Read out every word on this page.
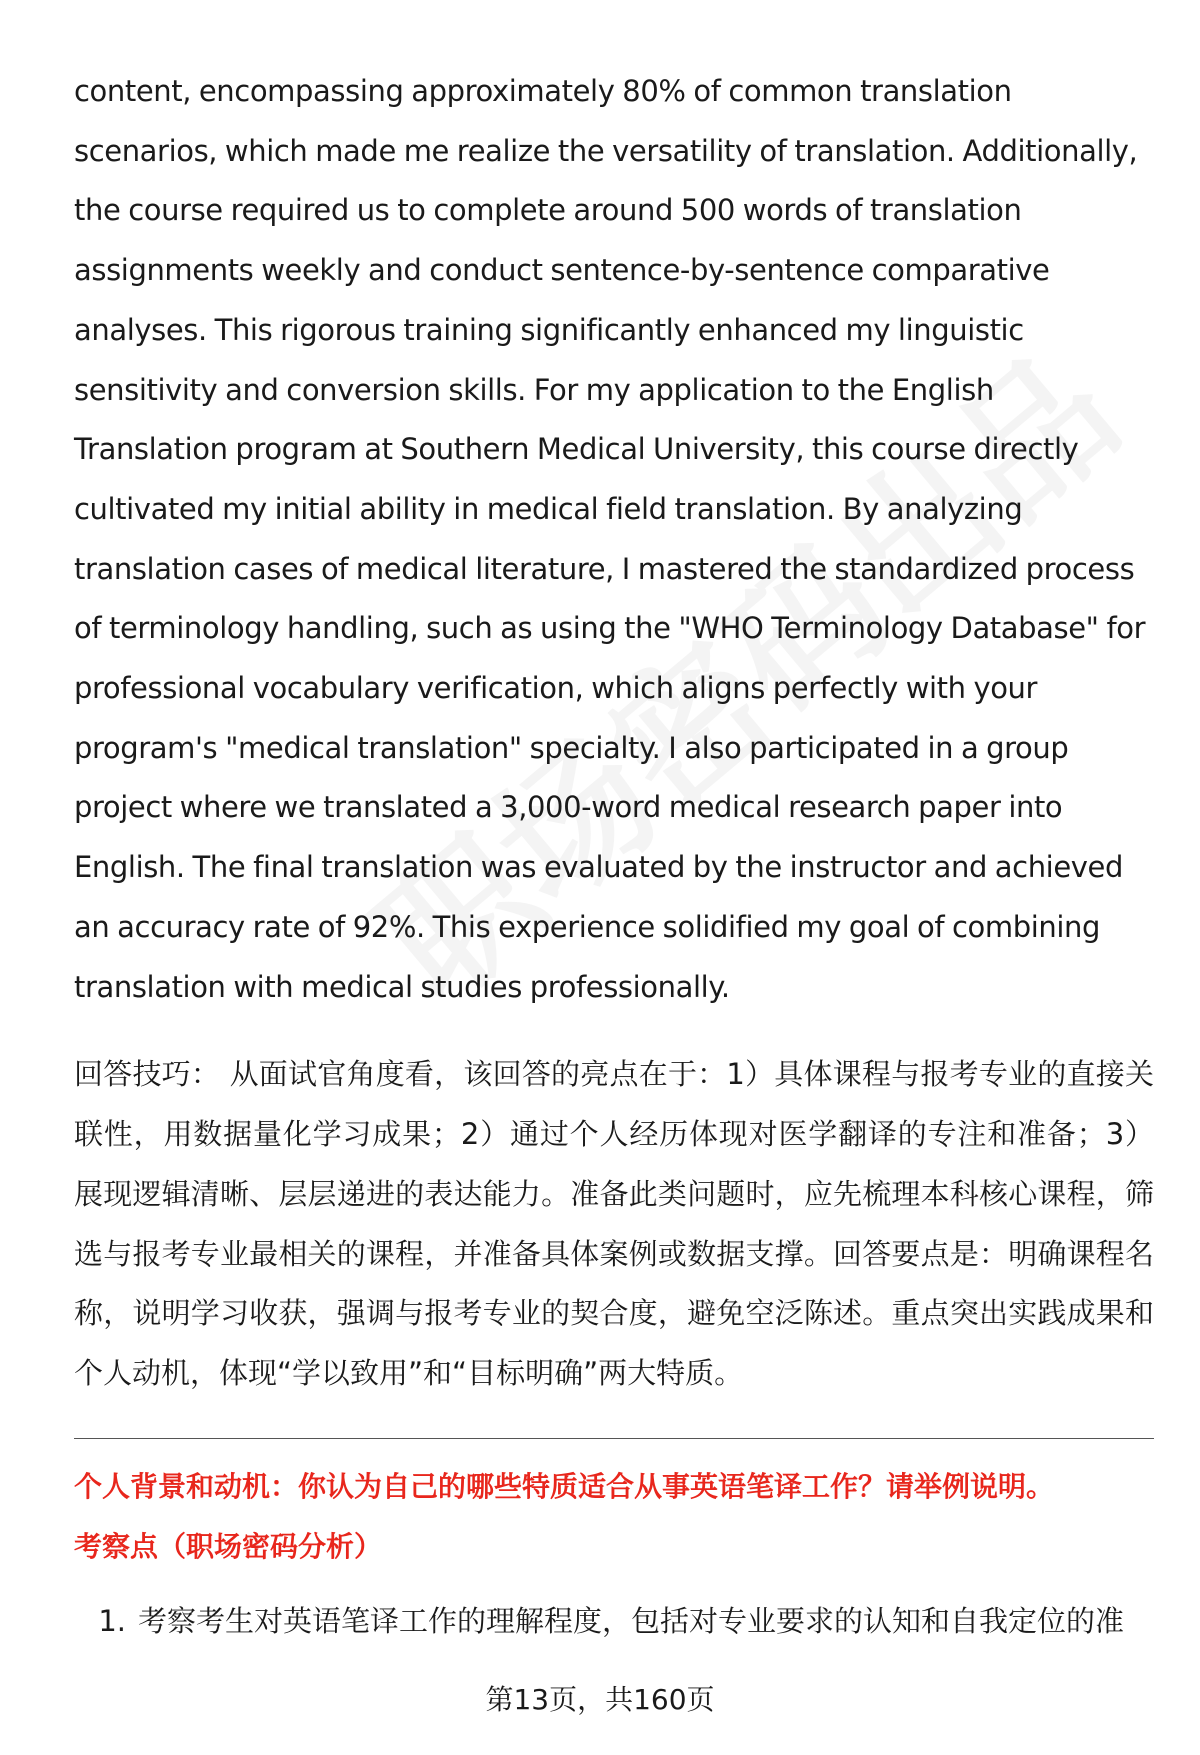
content, encompassing approximately 80% of common translation scenarios, which made me realize the versatility of translation. Additionally, the course required us to complete around 500 words of translation assignments weekly and conduct sentence-by-sentence comparative analyses. This rigorous training significantly enhanced my linguistic sensitivity and conversion skills. For my application to the English Translation program at Southern Medical University, this course directly cultivated my initial ability in medical field translation. By analyzing translation cases of medical literature, I mastered the standardized process of terminology handling, such as using the "WHO Terminology Database" for professional vocabulary verification, which aligns perfectly with your program's "medical translation" specialty. I also participated in a group project where we translated a 3,000-word medical research paper into English. The final translation was evaluated by the instructor and achieved an accuracy rate of 92%. This experience solidified my goal of combining translation with medical studies professionally.

回答技巧： 从面试官角度看，该回答的亮点在于：1）具体课程与报考专业的直接关联性，用数据量化学习成果；2）通过个人经历体现对医学翻译的专注和准备；3）展现逻辑清晰、层层递进的表达能力。准备此类问题时，应先梳理本科核心课程，筛选与报考专业最相关的课程，并准备具体案例或数据支撑。回答要点是：明确课程名称，说明学习收获，强调与报考专业的契合度，避免空泛陈述。重点突出实践成果和个人动机，体现“学以致用”和“目标明确”两大特质。

个人背景和动机：你认为自己的哪些特质适合从事英语笔译工作？请举例说明。
考察点（职场密码分析）
1. 考察考生对英语笔译工作的理解程度，包括对专业要求的认知和自我定位的准
第13页，共160页
